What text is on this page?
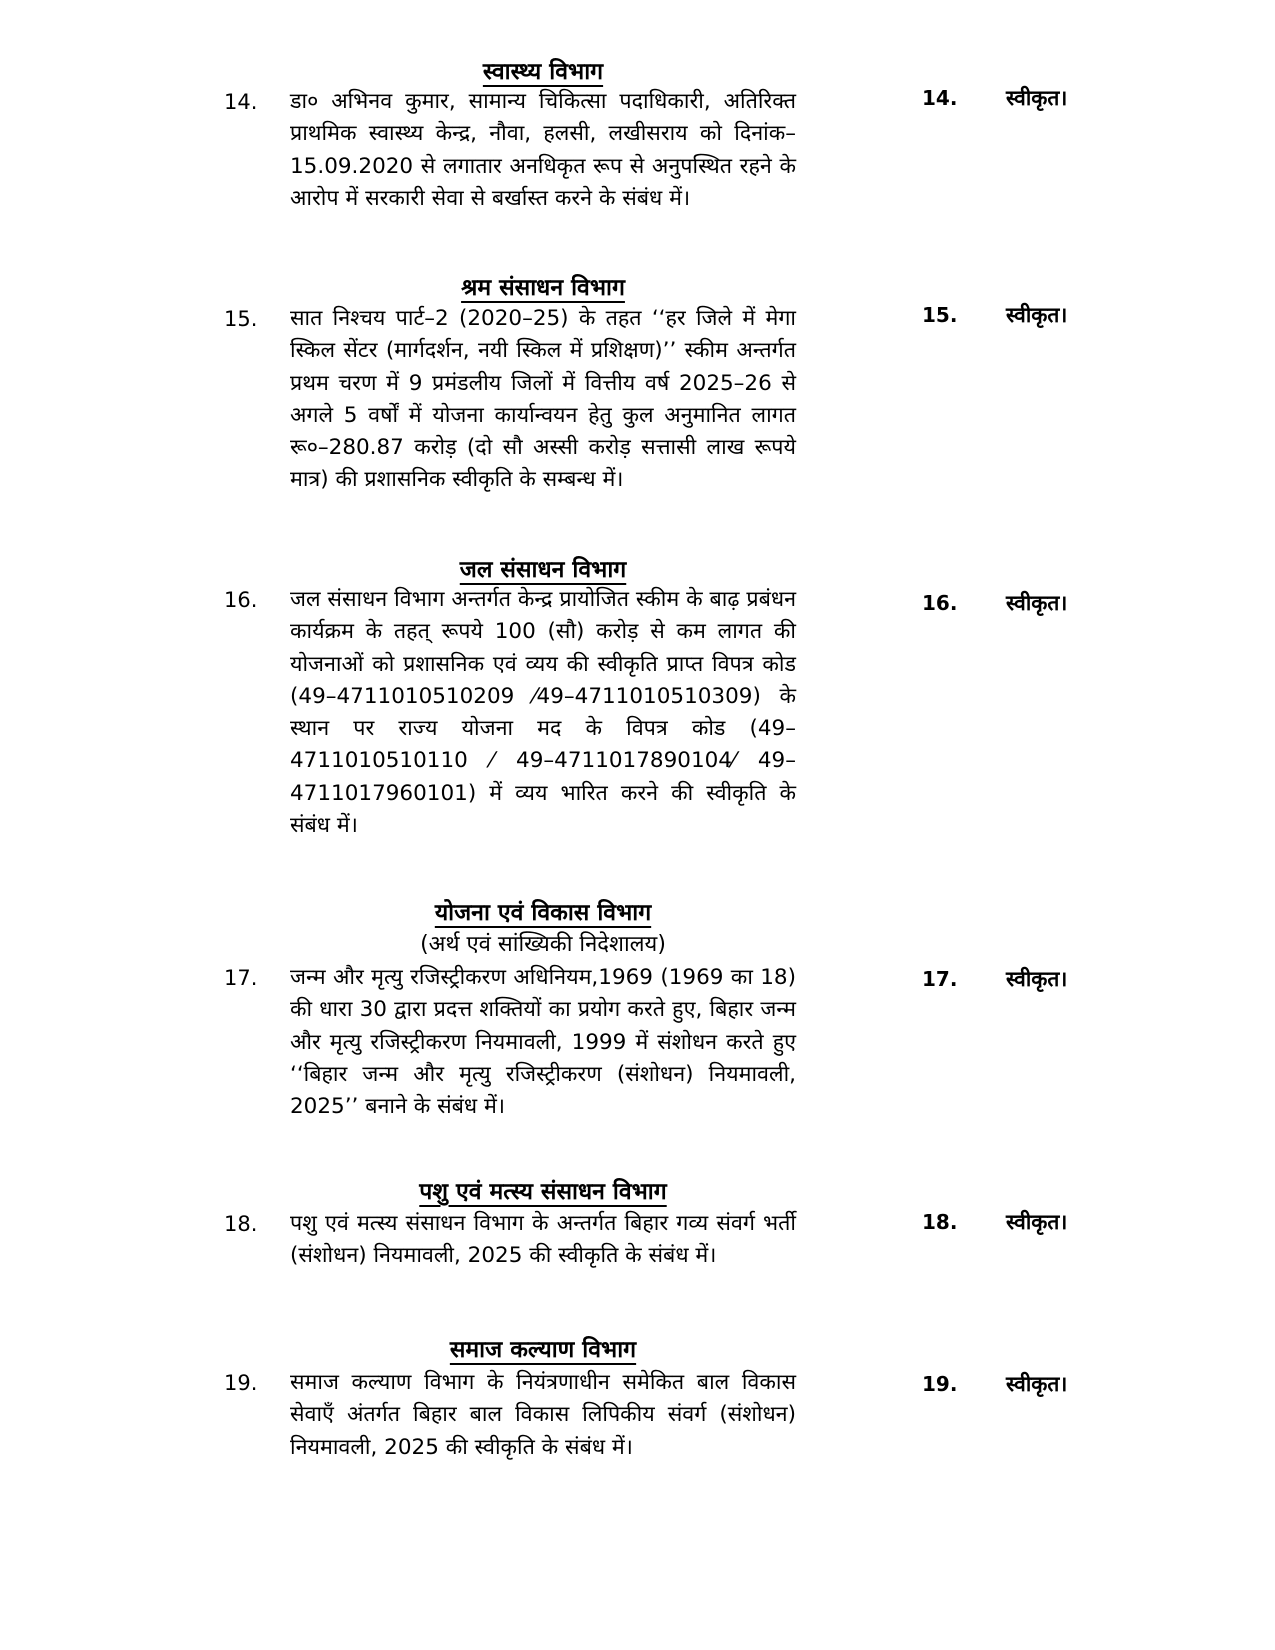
स्वास्थ्य विभाग
14. डा० अभिनव कुमार, सामान्य चिकित्सा पदाधिकारी, अतिरिक्त प्राथमिक स्वास्थ्य केन्द्र, नौवा, हलसी, लखीसराय को दिनांक–15.09.2020 से लगातार अनधिकृत रूप से अनुपस्थित रहने के आरोप में सरकारी सेवा से बर्खास्त करने के संबंध में।
14. स्वीकृत।
श्रम संसाधन विभाग
15. सात निश्चय पार्ट–2 (2020–25) के तहत ‘‘हर जिले में मेगा स्किल सेंटर (मार्गदर्शन, नयी स्किल में प्रशिक्षण)’’ स्कीम अन्तर्गत प्रथम चरण में 9 प्रमंडलीय जिलों में वित्तीय वर्ष 2025–26 से अगले 5 वर्षों में योजना कार्यान्वयन हेतु कुल अनुमानित लागत रू०–280.87 करोड़ (दो सौ अस्सी करोड़ सत्तासी लाख रूपये मात्र) की प्रशासनिक स्वीकृति के सम्बन्ध में।
15. स्वीकृत।
जल संसाधन विभाग
16. जल संसाधन विभाग अन्तर्गत केन्द्र प्रायोजित स्कीम के बाढ़ प्रबंधन कार्यक्रम के तहत् रूपये 100 (सौ) करोड़ से कम लागत की योजनाओं को प्रशासनिक एवं व्यय की स्वीकृति प्राप्त विपत्र कोड (49–4711010510209 ⁄49–4711010510309) के स्थान पर राज्य योजना मद के विपत्र कोड (49–4711010510110 ⁄ 49–4711017890104⁄ 49–4711017960101) में व्यय भारित करने की स्वीकृति के संबंध में।
16. स्वीकृत।
योजना एवं विकास विभाग
(अर्थ एवं सांख्यिकी निदेशालय)
17. जन्म और मृत्यु रजिस्ट्रीकरण अधिनियम,1969 (1969 का 18) की धारा 30 द्वारा प्रदत्त शक्तियों का प्रयोग करते हुए, बिहार जन्म और मृत्यु रजिस्ट्रीकरण नियमावली, 1999 में संशोधन करते हुए ‘‘बिहार जन्म और मृत्यु रजिस्ट्रीकरण (संशोधन) नियमावली, 2025’’ बनाने के संबंध में।
17. स्वीकृत।
पशु एवं मत्स्य संसाधन विभाग
18. पशु एवं मत्स्य संसाधन विभाग के अन्तर्गत बिहार गव्य संवर्ग भर्ती (संशोधन) नियमावली, 2025 की स्वीकृति के संबंध में।
18. स्वीकृत।
समाज कल्याण विभाग
19. समाज कल्याण विभाग के नियंत्रणाधीन समेकित बाल विकास सेवाएँ अंतर्गत बिहार बाल विकास लिपिकीय संवर्ग (संशोधन) नियमावली, 2025 की स्वीकृति के संबंध में।
19. स्वीकृत।
